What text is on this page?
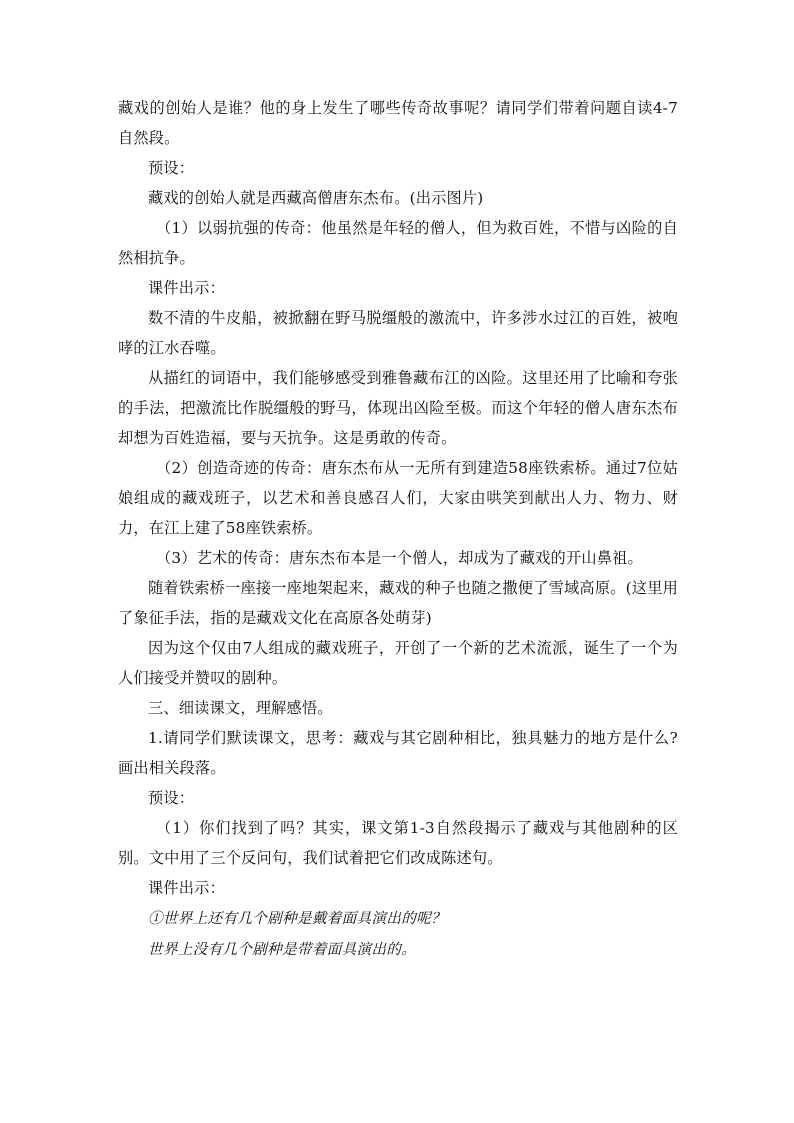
藏戏的创始人是谁？他的身上发生了哪些传奇故事呢？请同学们带着问题自读4-7自然段。

预设：

藏戏的创始人就是西藏高僧唐东杰布。(出示图片)

（1）以弱抗强的传奇：他虽然是年轻的僧人，但为救百姓，不惜与凶险的自然相抗争。

课件出示：

数不清的牛皮船，被掀翻在野马脱缰般的激流中，许多涉水过江的百姓，被咆哮的江水吞噬。

从描红的词语中，我们能够感受到雅鲁藏布江的凶险。这里还用了比喻和夸张的手法，把激流比作脱缰般的野马，体现出凶险至极。而这个年轻的僧人唐东杰布却想为百姓造福，要与天抗争。这是勇敢的传奇。

（2）创造奇迹的传奇：唐东杰布从一无所有到建造58座铁索桥。通过7位姑娘组成的藏戏班子，以艺术和善良感召人们，大家由哄笑到献出人力、物力、财力，在江上建了58座铁索桥。

（3）艺术的传奇：唐东杰布本是一个僧人，却成为了藏戏的开山鼻祖。

随着铁索桥一座接一座地架起来，藏戏的种子也随之撒便了雪域高原。(这里用了象征手法，指的是藏戏文化在高原各处萌芽)

因为这个仅由7人组成的藏戏班子，开创了一个新的艺术流派，诞生了一个为人们接受并赞叹的剧种。

三、细读课文，理解感悟。

1.请同学们默读课文，思考：藏戏与其它剧种相比，独具魅力的地方是什么?画出相关段落。

预设：

（1）你们找到了吗？其实，课文第1-3自然段揭示了藏戏与其他剧种的区别。文中用了三个反问句，我们试着把它们改成陈述句。

课件出示：

①世界上还有几个剧种是戴着面具演出的呢？

世界上没有几个剧种是带着面具演出的。
